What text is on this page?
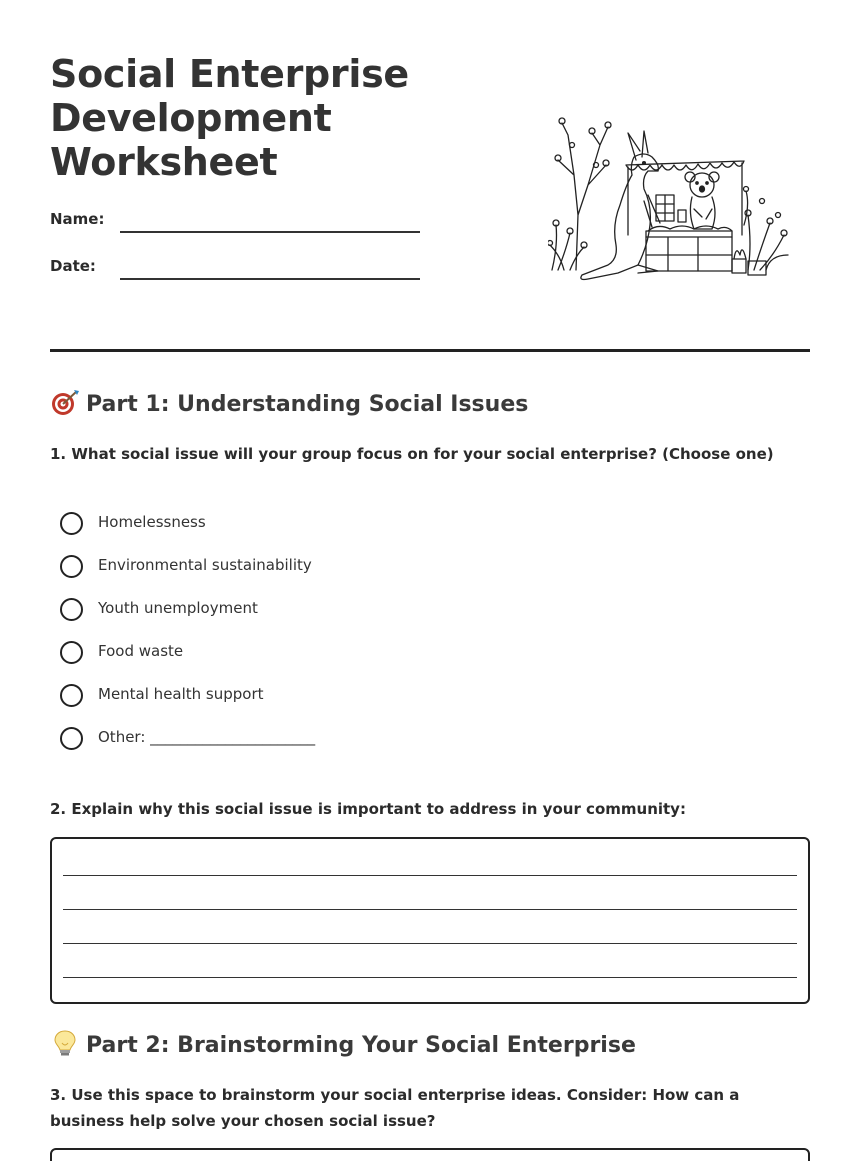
Social Enterprise
Development
Worksheet
Name:
Date:
Part 1: Understanding Social Issues
1. What social issue will your group focus on for your social enterprise? (Choose one)
Homelessness
Environmental sustainability
Youth unemployment
Food waste
Mental health support
Other: ______________________
2. Explain why this social issue is important to address in your community:
Part 2: Brainstorming Your Social Enterprise
3. Use this space to brainstorm your social enterprise ideas. Consider: How can a business help solve your chosen social issue?
